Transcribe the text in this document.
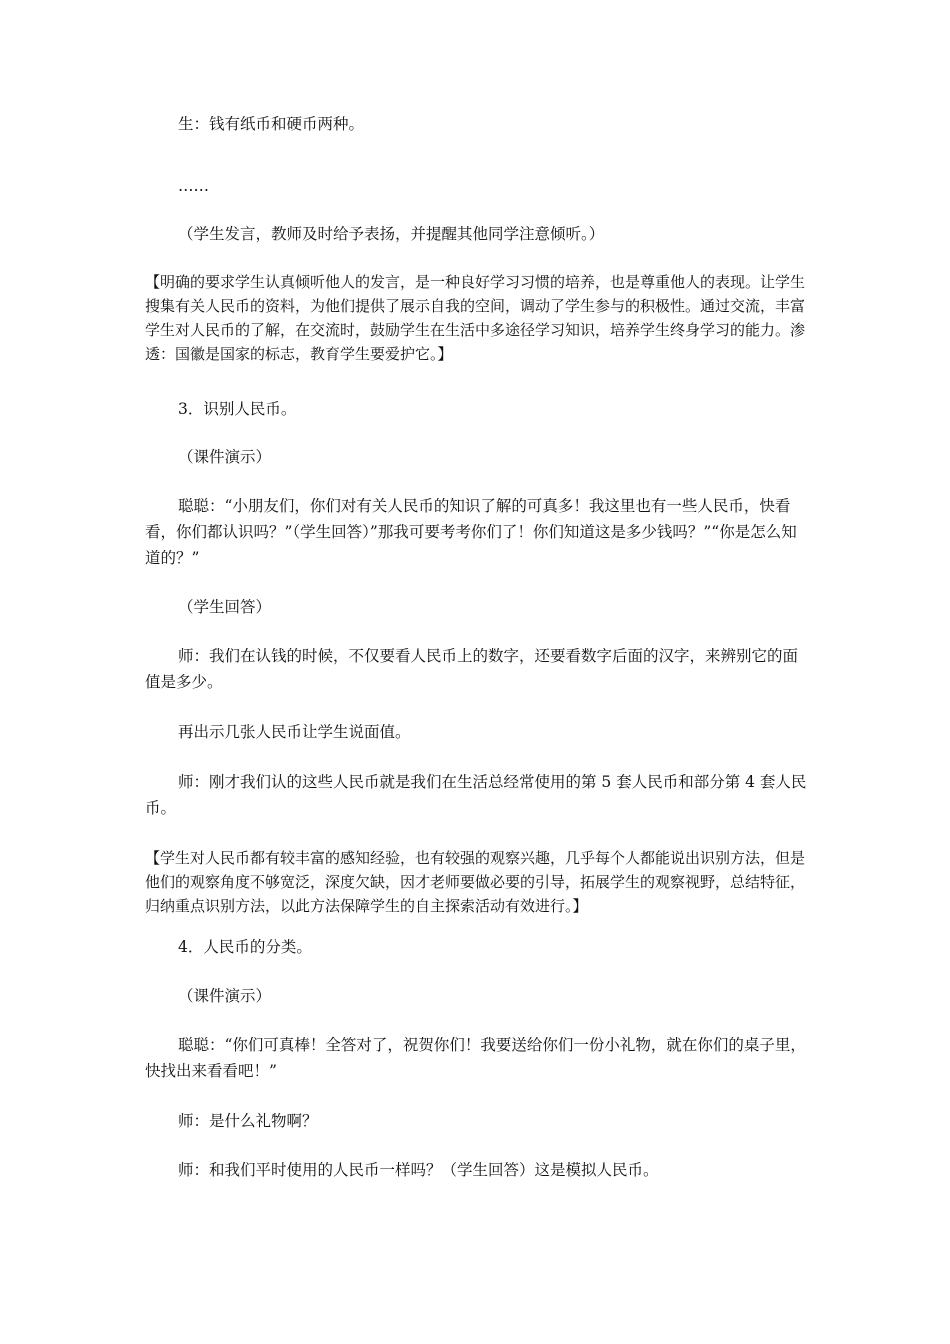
生：钱有纸币和硬币两种。

……

（学生发言，教师及时给予表扬，并提醒其他同学注意倾听。）

【明确的要求学生认真倾听他人的发言，是一种良好学习习惯的培养，也是尊重他人的表现。让学生搜集有关人民币的资料，为他们提供了展示自我的空间，调动了学生参与的积极性。通过交流，丰富学生对人民币的了解，在交流时，鼓励学生在生活中多途径学习知识，培养学生终身学习的能力。渗透：国徽是国家的标志，教育学生要爱护它。】

3．识别人民币。

（课件演示）

聪聪：“小朋友们，你们对有关人民币的知识了解的可真多！我这里也有一些人民币，快看看，你们都认识吗？”（学生回答）”那我可要考考你们了！你们知道这是多少钱吗？”“你是怎么知道的？”

（学生回答）

师：我们在认钱的时候，不仅要看人民币上的数字，还要看数字后面的汉字，来辨别它的面值是多少。

再出示几张人民币让学生说面值。

师：刚才我们认的这些人民币就是我们在生活总经常使用的第 5 套人民币和部分第 4 套人民币。

【学生对人民币都有较丰富的感知经验，也有较强的观察兴趣，几乎每个人都能说出识别方法，但是他们的观察角度不够宽泛，深度欠缺，因才老师要做必要的引导，拓展学生的观察视野，总结特征，归纳重点识别方法，以此方法保障学生的自主探索活动有效进行。】

4．人民币的分类。

（课件演示）

聪聪：“你们可真棒！全答对了，祝贺你们！我要送给你们一份小礼物，就在你们的桌子里，快找出来看看吧！”

师：是什么礼物啊？

师：和我们平时使用的人民币一样吗？（学生回答）这是模拟人民币。
